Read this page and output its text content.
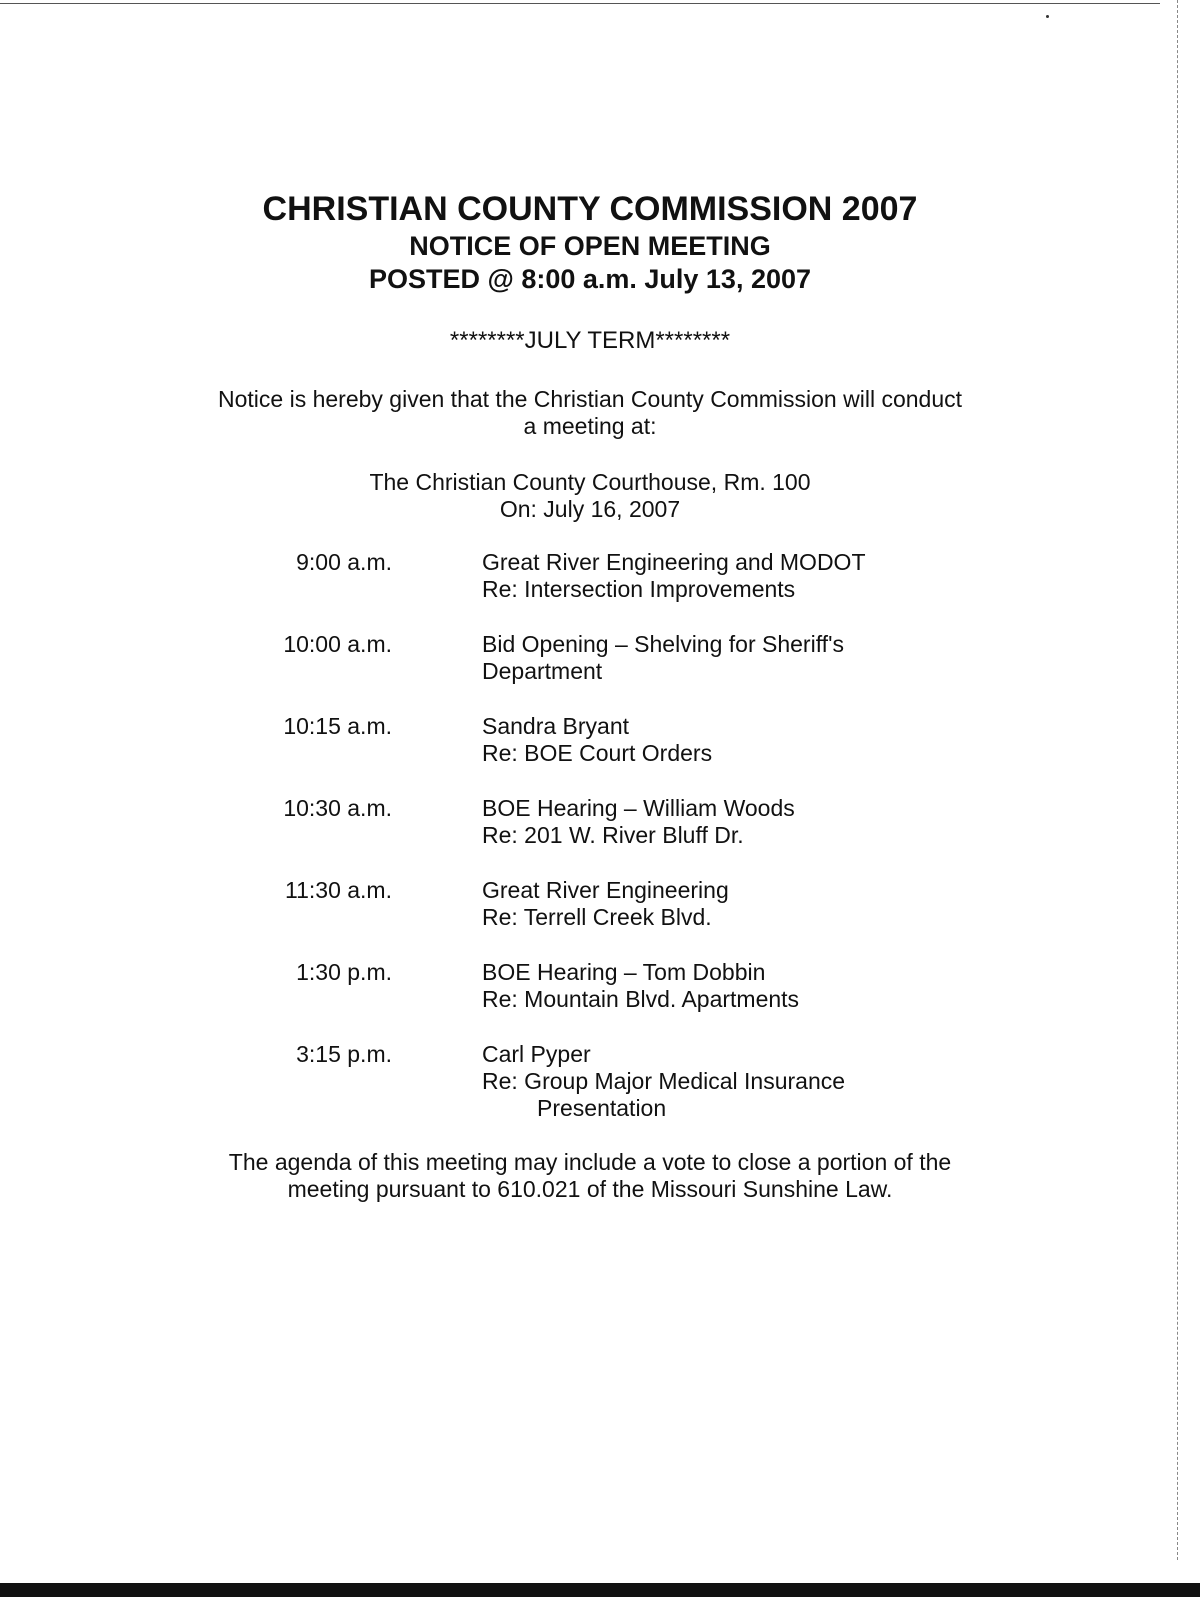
CHRISTIAN COUNTY COMMISSION 2007
NOTICE OF OPEN MEETING
POSTED @ 8:00 a.m. July 13, 2007
********JULY TERM********
Notice is hereby given that the Christian County Commission will conduct
a meeting at:
The Christian County Courthouse, Rm. 100
On: July 16, 2007
9:00 a.m.	Great River Engineering and MODOT
Re: Intersection Improvements
10:00 a.m.	Bid Opening – Shelving for Sheriff's
Department
10:15 a.m.	Sandra Bryant
Re: BOE Court Orders
10:30 a.m.	BOE Hearing – William Woods
Re: 201 W. River Bluff Dr.
11:30 a.m.	Great River Engineering
Re: Terrell Creek Blvd.
1:30 p.m.	BOE Hearing – Tom Dobbin
Re: Mountain Blvd. Apartments
3:15 p.m.	Carl Pyper
Re: Group Major Medical Insurance
Presentation
The agenda of this meeting may include a vote to close a portion of the
meeting pursuant to 610.021 of the Missouri Sunshine Law.
